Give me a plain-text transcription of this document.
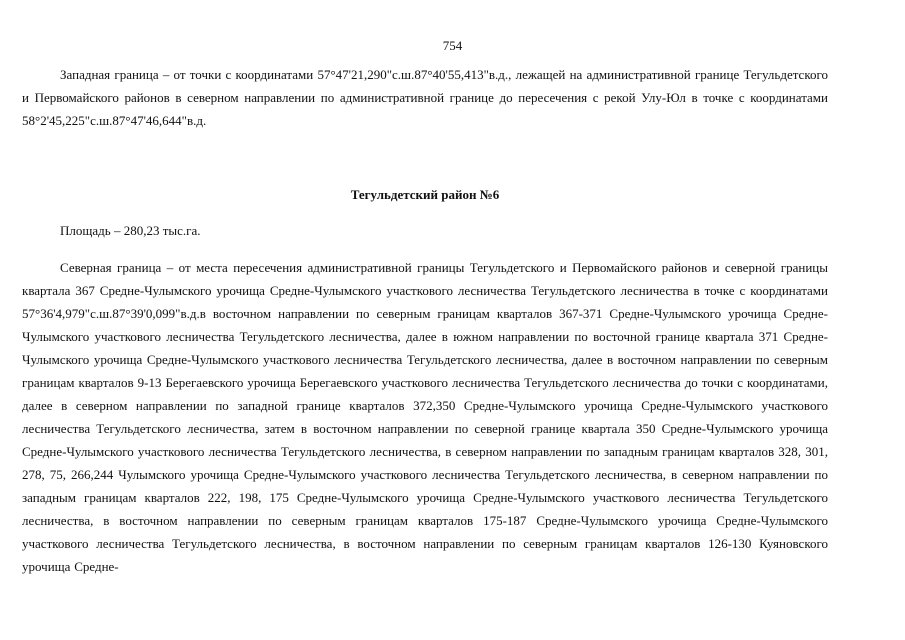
754

Западная граница – от точки с координатами 57°47'21,290"с.ш.87°40'55,413"в.д., лежащей на административной границе Тегульдетского и Первомайского районов в северном направлении по административной границе до пересечения с рекой Улу-Юл в точке с координатами 58°2'45,225"с.ш.87°47'46,644"в.д.

Тегульдетский район №6
Площадь – 280,23 тыс.га.

Северная граница – от места пересечения административной границы Тегульдетского и Первомайского районов и северной границы квартала 367 Средне-Чулымского урочища Средне-Чулымского участкового лесничества Тегульдетского лесничества в точке с координатами 57°36'4,979"с.ш.87°39'0,099"в.д.в восточном направлении по северным границам кварталов 367-371 Средне-Чулымского урочища Средне-Чулымского участкового лесничества Тегульдетского лесничества, далее в южном направлении по восточной границе квартала 371 Средне-Чулымского урочища Средне-Чулымского участкового лесничества Тегульдетского лесничества, далее в восточном направлении по северным границам кварталов 9-13 Берегаевского урочища Берегаевского участкового лесничества Тегульдетского лесничества до точки с координатами, далее в северном направлении по западной границе кварталов 372,350 Средне-Чулымского урочища Средне-Чулымского участкового лесничества Тегульдетского лесничества, затем в восточном направлении по северной границе квартала 350 Средне-Чулымского урочища Средне-Чулымского участкового лесничества Тегульдетского лесничества, в северном направлении по западным границам кварталов 328, 301, 278, 75, 266,244 Чулымского урочища Средне-Чулымского участкового лесничества Тегульдетского лесничества, в северном направлении по западным границам кварталов 222, 198, 175 Средне-Чулымского урочища Средне-Чулымского участкового лесничества Тегульдетского лесничества, в восточном направлении по северным границам кварталов 175-187 Средне-Чулымского урочища Средне-Чулымского участкового лесничества Тегульдетского лесничества, в восточном направлении по северным границам кварталов 126-130 Куяновского урочища Средне-
